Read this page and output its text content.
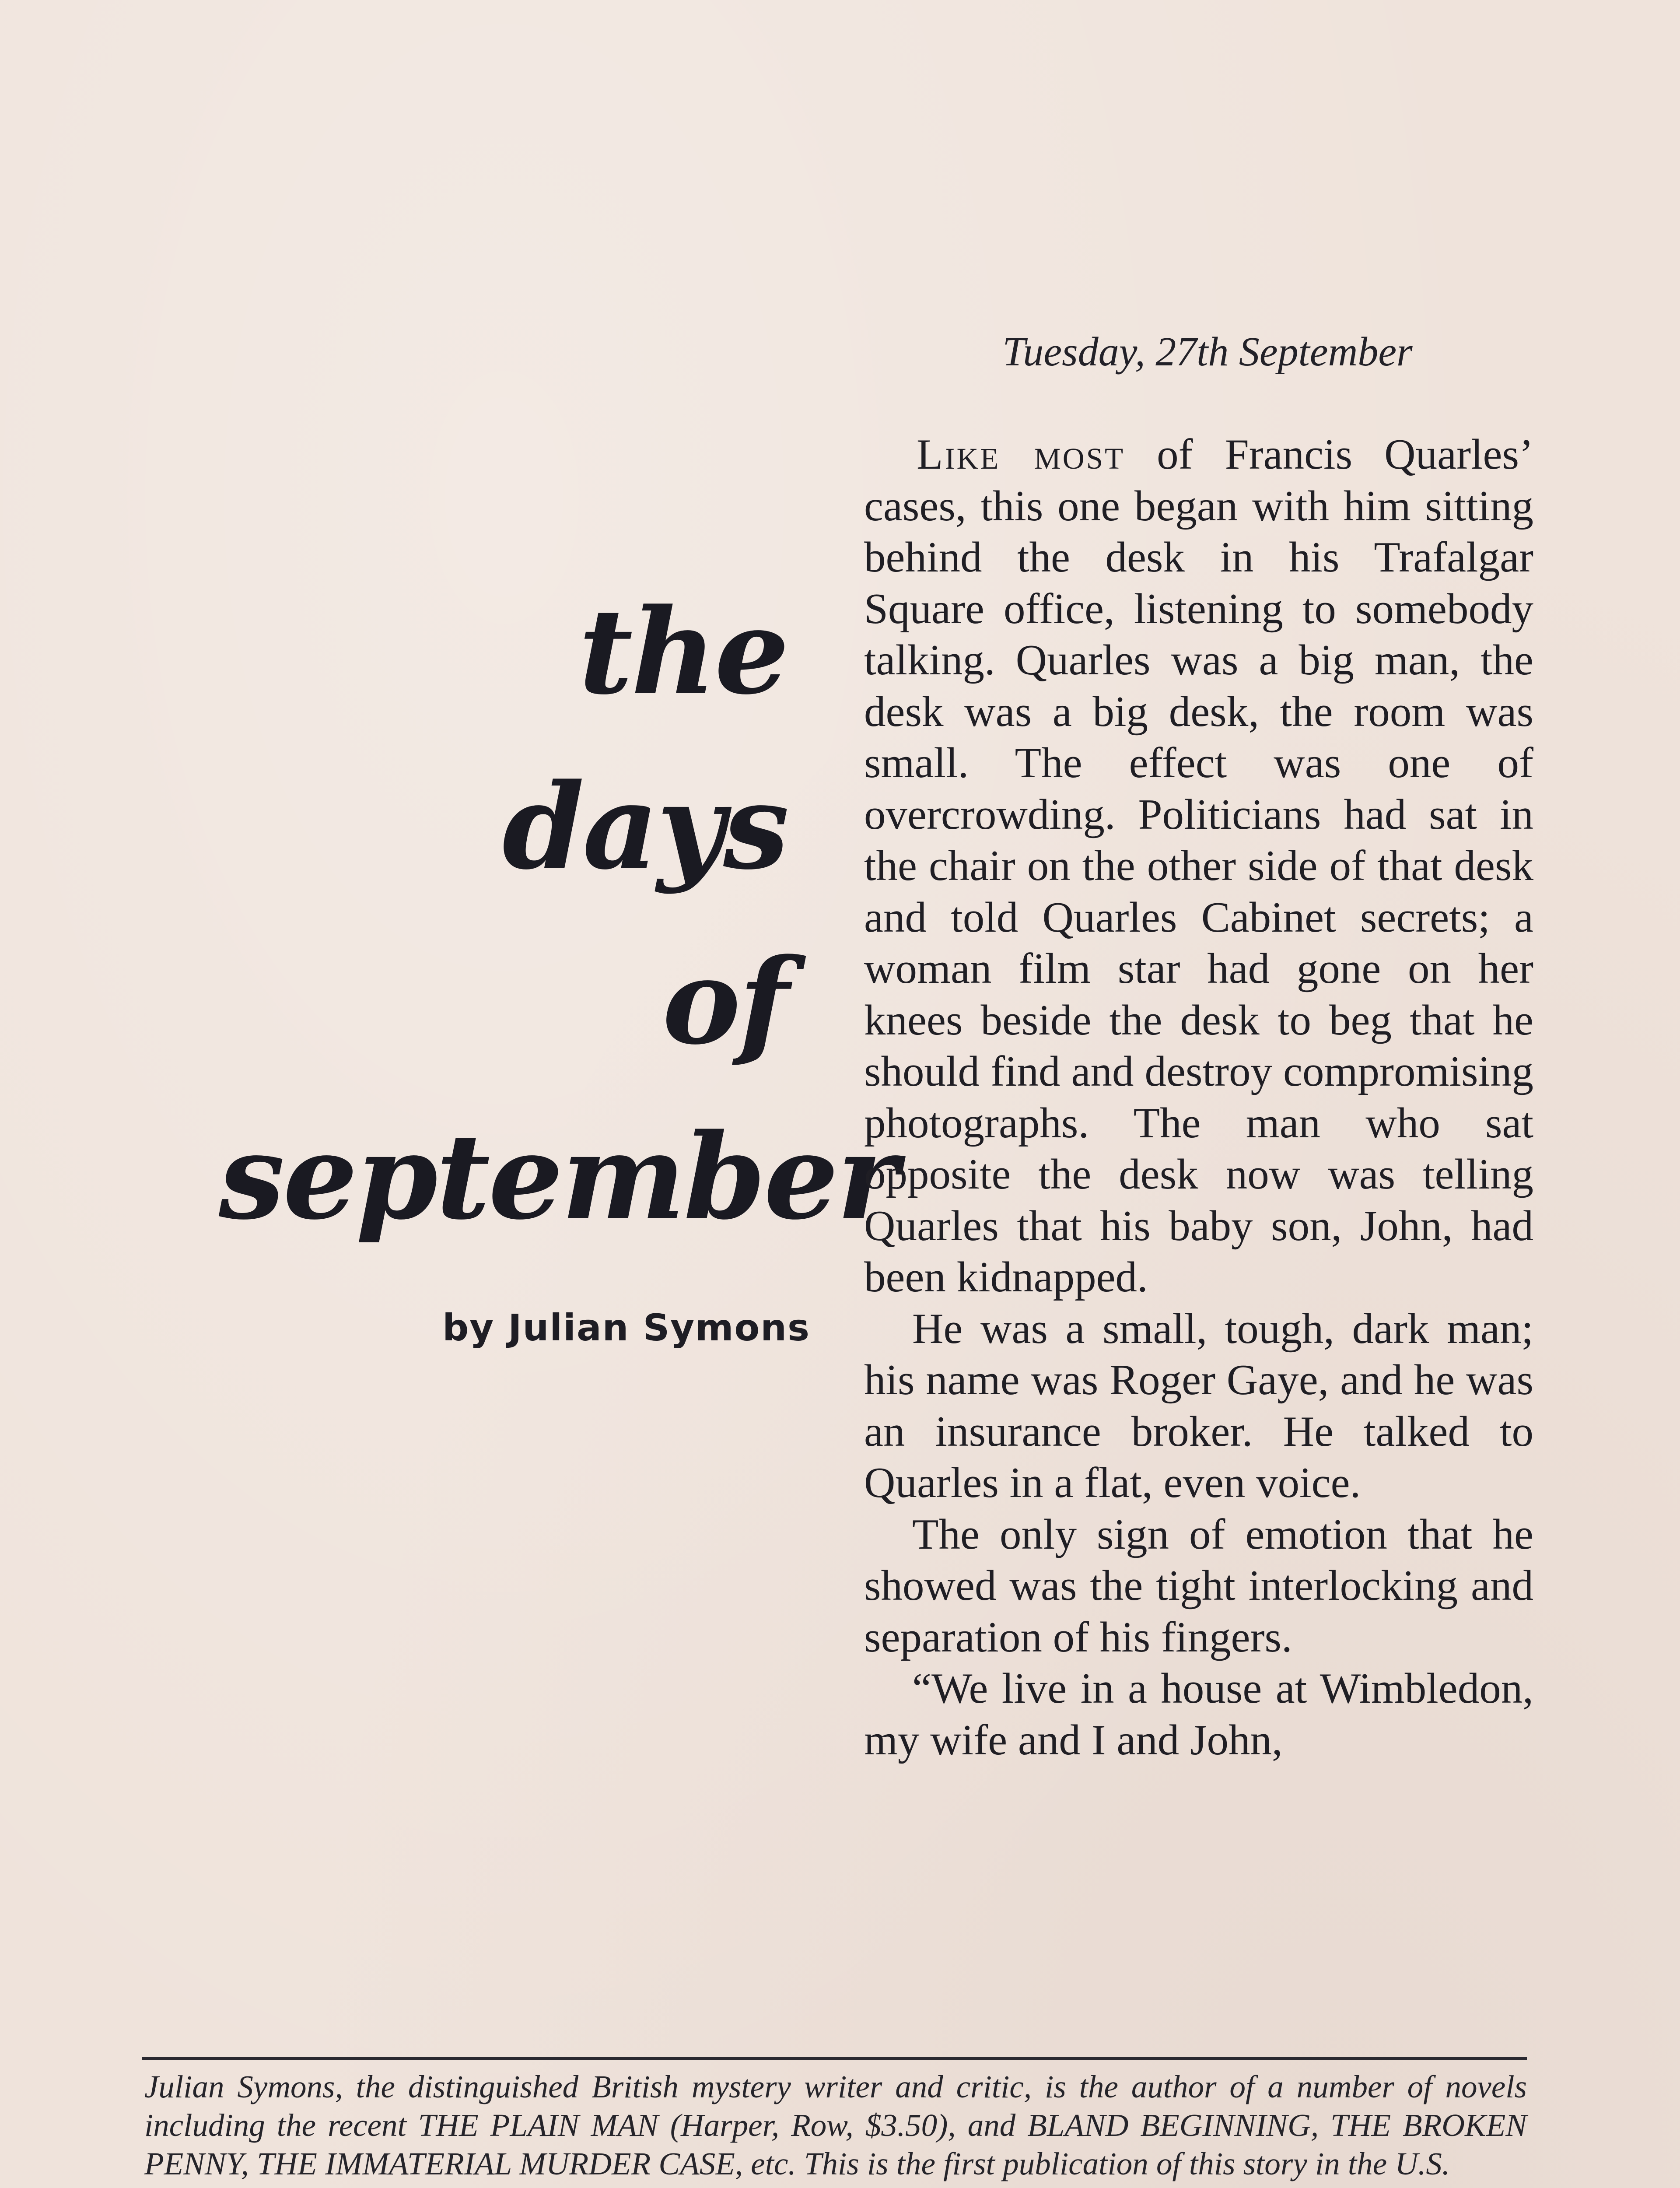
the
days
of
september
by Julian Symons
Tuesday, 27th September

Like most of Francis Quarles’ cases, this one began with him sitting behind the desk in his Trafalgar Square office, listening to somebody talking. Quarles was a big man, the desk was a big desk, the room was small. The effect was one of overcrowding. Politicians had sat in the chair on the other side of that desk and told Quarles Cabinet secrets; a woman film star had gone on her knees beside the desk to beg that he should find and destroy compromising photographs. The man who sat opposite the desk now was telling Quarles that his baby son, John, had been kidnapped.

He was a small, tough, dark man; his name was Roger Gaye, and he was an insurance broker. He talked to Quarles in a flat, even voice.

The only sign of emotion that he showed was the tight interlocking and separation of his fingers.

“We live in a house at Wimbledon, my wife and I and John,

Julian Symons, the distinguished British mystery writer and critic, is the author of a number of novels including the recent THE PLAIN MAN (Harper, Row, $3.50), and BLAND BEGINNING, THE BROKEN PENNY, THE IMMATERIAL MURDER CASE, etc. This is the first publication of this story in the U.S.
